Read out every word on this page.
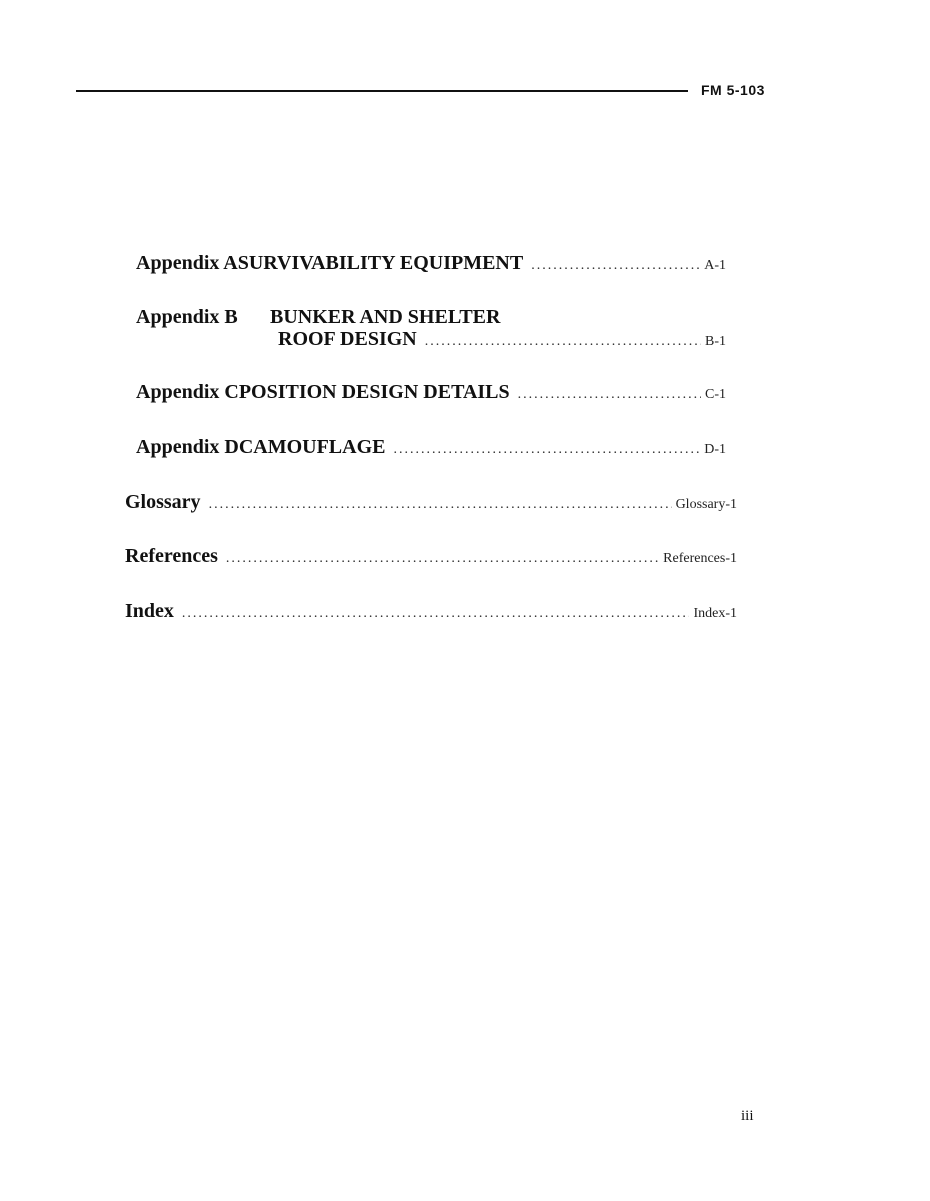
FM 5-103
Appendix A SURVIVABILITY EQUIPMENT .....	A-1
Appendix B	BUNKER AND SHELTER
ROOF DESIGN .....	B-1
Appendix C POSITION DESIGN DETAILS .....	C-1
Appendix D CAMOUFLAGE .....	D-1
Glossary .....	Glossary-1
References .....	References-1
Index .....	Index-1
iii
